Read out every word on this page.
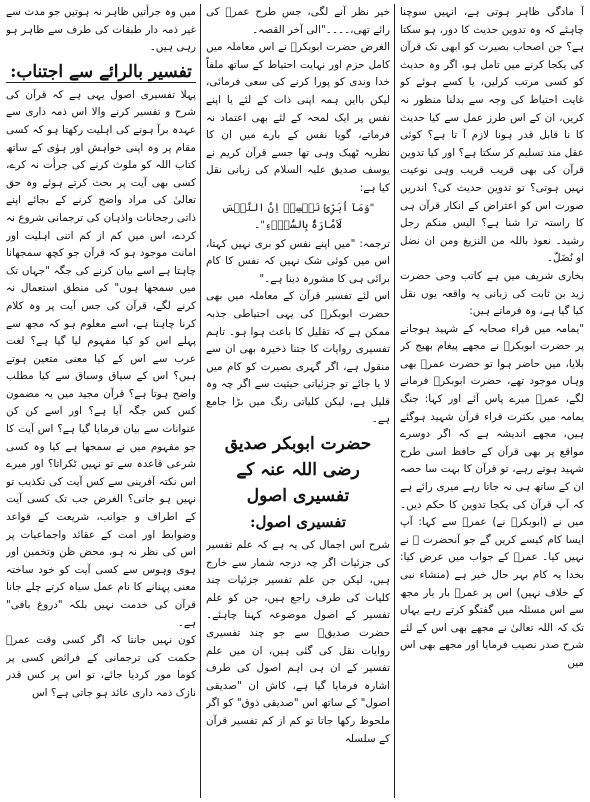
آ مادگی ظاہر ہوتی ہے، انہیں سوچنا چاہئے کہ وہ تدوین حدیث کا دور، ہو سکتا ہے؟ جن اصحاب بصیرت کو ابھی تک قرآن کی یکجا کرنے میں تامل ہو، اگر وہ حدیث کو کسی مرتب کرلیں، یا کسے ہوئے کو غایت احتیاط کی وجہ سے بدلنا منظور نہ کریں، ان کے اس طرز عمل سے کیا حدیث کا نا قابل قدر ہونا لازم آ تا ہے؟ کوئی عقل مند تسلیم کر سکتا ہے؟ اور کیا تدوین قرآن کی بھی قریب قریب وہی نوعیت نہیں ہوتی؟ تو تدوین حدیث کی؟ اندریں صورت اس کو اعتراض کے انکار قرآن ہی کا راستہ ترا شنا ہے؟ الیس منکم رجل رشید۔ نعوذ باللہ من النزیغ ومن ان نضل او نُضَلّ۔

بخاری شریف میں ہے کاتب وحی حضرت زید بن ثابت کی زبانی یہ واقعہ یوں نقل کیا گیا ہے، وہ فرماتے ہیں:

"یمامہ میں قراء صحابہ کے شہید ہوجانے پر حضرت ابوبکرؓ نے مجھے پیغام بھیج کر بلایا، میں حاضر ہوا تو حضرت عمرؓ بھی وہاں موجود تھے، حضرت ابوبکرؓ فرمانے لگے، عمرؓ میرے پاس آئے اور کہا: جنگ یمامہ میں بکثرت قراء قرآن شہید ہوگئے ہیں، مجھے اندیشہ ہے کہ اگر دوسرے مواقع پر بھی قرآن کے حافظ اسی طرح شہید ہوتے رہے، تو قرآن کا بہت سا حصہ ان کے ساتھ ہی نہ جاتا رہے میری رائے ہے کہ آپ قرآن کی یکجا تدوین کا حکم دیں۔ میں نے (ابوبکرؓ نے) عمرؓ سے کہا: آپ ایسا کام کیسے کریں گے جو آنحضرت ﷺ نے نہیں کیا۔ عمرؓ کے جواب میں عرض کیا: بخدا یہ کام بہر حال خیر ہے (منشاء نبی کے خلاف نہیں) اس پر عمرؓ بار بار مجھ سے اس مسئلہ میں گفتگو کرتے رہے یہاں تک کہ اللہ تعالیٰ نے مجھے بھی اس کے لئے شرح صدر نصیب فرمایا اور مجھے بھی اس میں

خیر نظر آنے لگی، جس طرح عمرؓ کی رائے تھی،۔۔۔۔"الی آخر القصہ۔

الغرض حضرت ابوبکرؓ نے اس معاملہ میں کامل حزم اور نہایت احتیاط کے ساتھ ملفاً خدا وندی کو پورا کرنے کی سعی فرمائی، لیکن باایں ہمہ اپنی ذات کے لئے یا اپنے نفس پر ایک لمحہ کے لئے بھی اعتماد نہ فرماتے، گویا نفس کے بارے میں ان کا نظریہ ٹھیک وہی تھا جسے قرآن کریم نے یوسف صدیق علیہ السلام کی زبانی نقل کیا ہے:

"وَمَآ اُبَرِّئُ نَفۡسِیۡ اِنَّ النَّفۡسَ لَاَمَّارَةٌۢ بِالسُّوۡٓءِ"۔

ترجمہ: "میں اپنے نفس کو بری نہیں کہتا، اس میں کوئی شک نہیں کہ نفس کا کام برائی ہی کا مشورہ دینا ہے۔"

اس لئے تفسیر قرآن کے معاملہ میں بھی حضرت ابوبکرؓ کی یہی احتیاطی جذبہ ممکن ہے کہ تقلیل کا باعث ہوا ہو۔ تاہم تفسیری روایات کا جتنا ذخیرہ بھی ان سے منقول ہے، اگر گہری بصیرت کو کام میں لا یا جائے تو جزئیاتی حیثیت سے اگر چہ وہ قلیل ہے، لیکن کلیاتی رنگ میں بڑا جامع ہے۔

حضرت ابوبکر صدیق رضی اللہ عنہ کے تفسیری اصول
تفسیری اصول:

شرح اس اجمال کی یہ ہے کہ علم تفسیر کی جزئیات اگر چہ درجہ شمار سے خارج ہیں، لیکن جن علم تفسیر جزئیات چند کلیات کی طرف راجع ہیں، جن کو علم تفسیر کے اصول موضوعہ کہنا چاہئے۔ حضرت صدیقؓ سے جو چند تفسیری روایات نقل کی گئی ہیں، ان میں علم تفسیر کے ان ہی اہم اصول کی طرف اشارہ فرمایا گیا ہے، کاش ان "صدیقی اصول" کے ساتھ اس "صدیقی ذوق" کو اگر ملحوظ رکھا جاتا تو کم از کم تفسیر قرآن کے سلسلہ

میں وہ جرأتیں ظاہر نہ ہوتیں جو مدت سے غیر ذمہ دار طبقات کی طرف سے ظاہر ہو رہی ہیں۔

تفسیر بالرائے سے اجتناب:

پہلا تفسیری اصول یہی ہے کہ قرآن کی شرح و تفسیر کرنے والا اس ذمہ داری سے عہدہ برآ ہونے کی اہلیت رکھتا ہو کہ کسی مقام پر وہ اپنی خواہش اور ہوٰی کے ساتھ کتاب اللہ کو ملوث کرنے کی جرأت نہ کرے، کسی بھی آیت پر بحث کرتے ہوئے وہ حق تعالیٰ کی مراد واضح کرنے کے بجائے اپنے ذاتی رجحانات واذہان کی ترجمانی شروع نہ کردے، اس میں کم از کم اتنی اہلیت اور امانت موجود ہو کہ قرآن جو کچھ سمجھانا چاہتا ہے اسے بیان کرنے کی جگہ "جہاں تک میں سمجھا ہوں" کی منطق استعمال نہ کرنے لگے، قرآن کی جس آیت پر وہ کلام کرنا چاہتا ہے، اسے معلوم ہو کہ مجھ سے پہلے اس کو کیا مفہوم لیا گیا ہے؟ لغت عرب سے اس کے کیا معنی متعین ہوتے ہیں؟ اس کے سیاق وسباق سے کیا مطلب واضح ہوتا ہے؟ قرآن مجید میں یہ مضمون کس کس جگہ آیا ہے؟ اور اسے کن کن عنوانات سے بیان فرمایا گیا ہے؟ اس آیت کا جو مفہوم میں نے سمجھا ہے کیا وہ کسی شرعی قاعدہ سے تو نہیں ٹکراتا؟ اور میرے اس نکتہ آفرینی سے کس آیت کی تکذیب تو نہیں ہو جاتی؟ الغرض جب تک کسی آیت کے اطراف و جوانب، شریعت کے قواعد وضوابط اور امت کے عقائد واجماعیات پر اس کی نظر نہ ہو، محض ظن وتخمین اور ہوی وہوس سے کسی آیت کو خود ساختہ معنی پہنانے کا نام عمل سیاہ کرتے چلے جانا قرآن کی خدمت نہیں بلکہ "دروغ بافی" ہے۔

کون نہیں جانتا کہ اگر کسی وقت عمرؓ حکمت کی ترجمانی کے فرائض کسی پر کوما مور کردیا جائے، تو اس پر کس قدر نازک ذمہ داری عائد ہو جاتی ہے؟ اس
